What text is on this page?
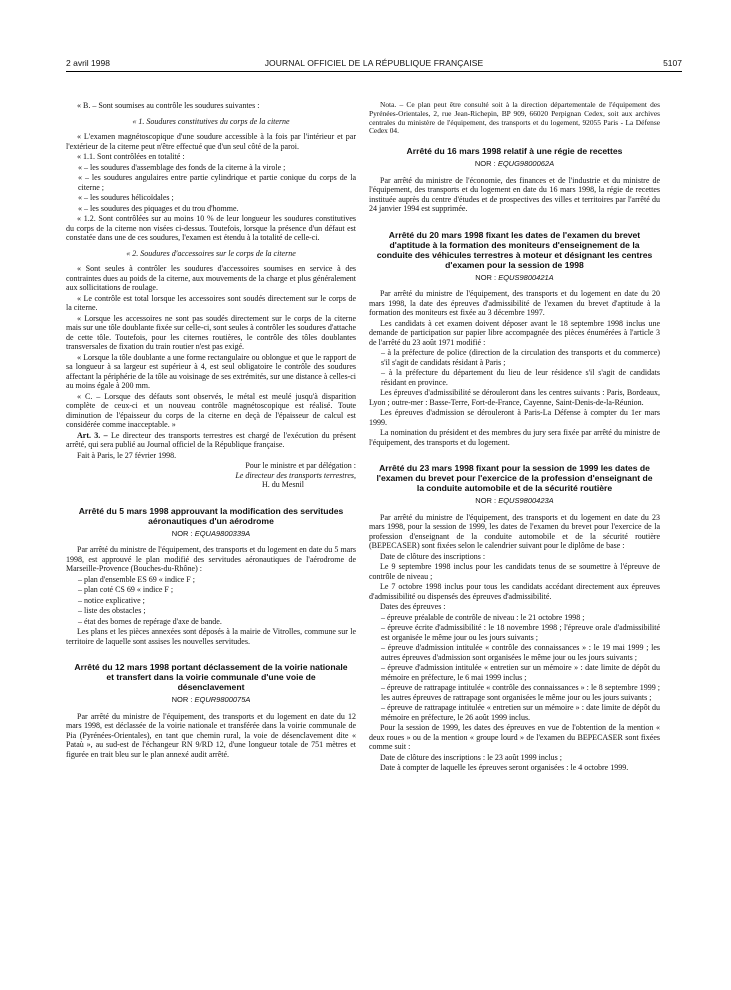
2 avril 1998	JOURNAL OFFICIEL DE LA RÉPUBLIQUE FRANÇAISE	5107

« B. – Sont soumises au contrôle les soudures suivantes :

« 1. Soudures constitutives du corps de la citerne

« L'examen magnétoscopique d'une soudure accessible à la fois par l'intérieur et par l'extérieur de la citerne peut n'être effectué que d'un seul côté de la paroi.

« 1.1. Sont contrôlées en totalité :

« – les soudures d'assemblage des fonds de la citerne à la virole ;

« – les soudures angulaires entre partie cylindrique et partie conique du corps de la citerne ;

« – les soudures hélicoïdales ;

« – les soudures des piquages et du trou d'homme.

« 1.2. Sont contrôlées sur au moins 10 % de leur longueur les soudures constitutives du corps de la citerne non visées ci-dessus. Toutefois, lorsque la présence d'un défaut est constatée dans une de ces soudures, l'examen est étendu à la totalité de celle-ci.

« 2. Soudures d'accessoires sur le corps de la citerne

« Sont seules à contrôler les soudures d'accessoires soumises en service à des contraintes dues au poids de la citerne, aux mouvements de la charge et plus généralement aux sollicitations de roulage.

« Le contrôle est total lorsque les accessoires sont soudés directement sur le corps de la citerne.

« Lorsque les accessoires ne sont pas soudés directement sur le corps de la citerne mais sur une tôle doublante fixée sur celle-ci, sont seules à contrôler les soudures d'attache de cette tôle. Toutefois, pour les citernes routières, le contrôle des tôles doublantes transversales de fixation du train routier n'est pas exigé.

« Lorsque la tôle doublante a une forme rectangulaire ou oblongue et que le rapport de sa longueur à sa largeur est supérieur à 4, est seul obligatoire le contrôle des soudures affectant la périphérie de la tôle au voisinage de ses extrémités, sur une distance à celles-ci au moins égale à 200 mm.

« C. – Lorsque des défauts sont observés, le métal est meulé jusqu'à disparition complète de ceux-ci et un nouveau contrôle magnétoscopique est réalisé. Toute diminution de l'épaisseur du corps de la citerne en deçà de l'épaisseur de calcul est considérée comme inacceptable. »

Art. 3. – Le directeur des transports terrestres est chargé de l'exécution du présent arrêté, qui sera publié au Journal officiel de la République française.

Fait à Paris, le 27 février 1998.

Pour le ministre et par délégation :

Le directeur des transports terrestres,

H. du Mesnil

Arrêté du 5 mars 1998 approuvant la modification des servitudes aéronautiques d'un aérodrome

NOR : EQUA9800339A

Par arrêté du ministre de l'équipement, des transports et du logement en date du 5 mars 1998, est approuvé le plan modifié des servitudes aéronautiques de l'aérodrome de Marseille-Provence (Bouches-du-Rhône) :

– plan d'ensemble ES 69 « indice F ;

– plan coté CS 69 « indice F ;

– notice explicative ;

– liste des obstacles ;

– état des bornes de repérage d'axe de bande.

Les plans et les pièces annexées sont déposés à la mairie de Vitrolles, commune sur le territoire de laquelle sont assises les nouvelles servitudes.

Arrêté du 12 mars 1998 portant déclassement de la voirie nationale et transfert dans la voirie communale d'une voie de désenclavement

NOR : EQUR9800075A

Par arrêté du ministre de l'équipement, des transports et du logement en date du 12 mars 1998, est déclassée de la voirie nationale et transférée dans la voirie communale de Pia (Pyrénées-Orientales), en tant que chemin rural, la voie de désenclavement dite « Pataù », au sud-est de l'échangeur RN 9/RD 12, d'une longueur totale de 751 mètres et figurée en trait bleu sur le plan annexé audit arrêté.

Nota. – Ce plan peut être consulté soit à la direction départementale de l'équipement des Pyrénées-Orientales, 2, rue Jean-Richepin, BP 909, 66020 Perpignan Cedex, soit aux archives centrales du ministère de l'équipement, des transports et du logement, 92055 Paris - La Défense Cedex 04.

Arrêté du 16 mars 1998 relatif à une régie de recettes

NOR : EQUG9800062A

Par arrêté du ministre de l'économie, des finances et de l'industrie et du ministre de l'équipement, des transports et du logement en date du 16 mars 1998, la régie de recettes instituée auprès du centre d'études et de prospectives des villes et territoires par l'arrêté du 24 janvier 1994 est supprimée.

Arrêté du 20 mars 1998 fixant les dates de l'examen du brevet d'aptitude à la formation des moniteurs d'enseignement de la conduite des véhicules terrestres à moteur et désignant les centres d'examen pour la session de 1998

NOR : EQUS9800421A

Par arrêté du ministre de l'équipement, des transports et du logement en date du 20 mars 1998, la date des épreuves d'admissibilité de l'examen du brevet d'aptitude à la formation des moniteurs est fixée au 3 décembre 1997.

Les candidats à cet examen doivent déposer avant le 18 septembre 1998 inclus une demande de participation sur papier libre accompagnée des pièces énumérées à l'article 3 de l'arrêté du 23 août 1971 modifié :

– à la préfecture de police (direction de la circulation des transports et du commerce) s'il s'agit de candidats résidant à Paris ;

– à la préfecture du département du lieu de leur résidence s'il s'agit de candidats résidant en province.

Les épreuves d'admissibilité se dérouleront dans les centres suivants : Paris, Bordeaux, Lyon ; outre-mer : Basse-Terre, Fort-de-France, Cayenne, Saint-Denis-de-la-Réunion.

Les épreuves d'admission se dérouleront à Paris-La Défense à compter du 1er mars 1999.

La nomination du président et des membres du jury sera fixée par arrêté du ministre de l'équipement, des transports et du logement.

Arrêté du 23 mars 1998 fixant pour la session de 1999 les dates de l'examen du brevet pour l'exercice de la profession d'enseignant de la conduite automobile et de la sécurité routière

NOR : EQUS9800423A

Par arrêté du ministre de l'équipement, des transports et du logement en date du 23 mars 1998, pour la session de 1999, les dates de l'examen du brevet pour l'exercice de la profession d'enseignant de la conduite automobile et de la sécurité routière (BEPECASER) sont fixées selon le calendrier suivant pour le diplôme de base :

Date de clôture des inscriptions :

Le 9 septembre 1998 inclus pour les candidats tenus de se soumettre à l'épreuve de contrôle de niveau ;

Le 7 octobre 1998 inclus pour tous les candidats accédant directement aux épreuves d'admissibilité ou dispensés des épreuves d'admissibilité.

Dates des épreuves :

– épreuve préalable de contrôle de niveau : le 21 octobre 1998 ;

– épreuve écrite d'admissibilité : le 18 novembre 1998 ; l'épreuve orale d'admissibilité est organisée le même jour ou les jours suivants ;

– épreuve d'admission intitulée « contrôle des connaissances » : le 19 mai 1999 ; les autres épreuves d'admission sont organisées le même jour ou les jours suivants ;

– épreuve d'admission intitulée « entretien sur un mémoire » : date limite de dépôt du mémoire en préfecture, le 6 mai 1999 inclus ;

– épreuve de rattrapage intitulée « contrôle des connaissances » : le 8 septembre 1999 ; les autres épreuves de rattrapage sont organisées le même jour ou les jours suivants ;

– épreuve de rattrapage intitulée « entretien sur un mémoire » : date limite de dépôt du mémoire en préfecture, le 26 août 1999 inclus.

Pour la session de 1999, les dates des épreuves en vue de l'obtention de la mention « deux roues » ou de la mention « groupe lourd » de l'examen du BEPECASER sont fixées comme suit :

Date de clôture des inscriptions : le 23 août 1999 inclus ;

Date à compter de laquelle les épreuves seront organisées : le 4 octobre 1999.
